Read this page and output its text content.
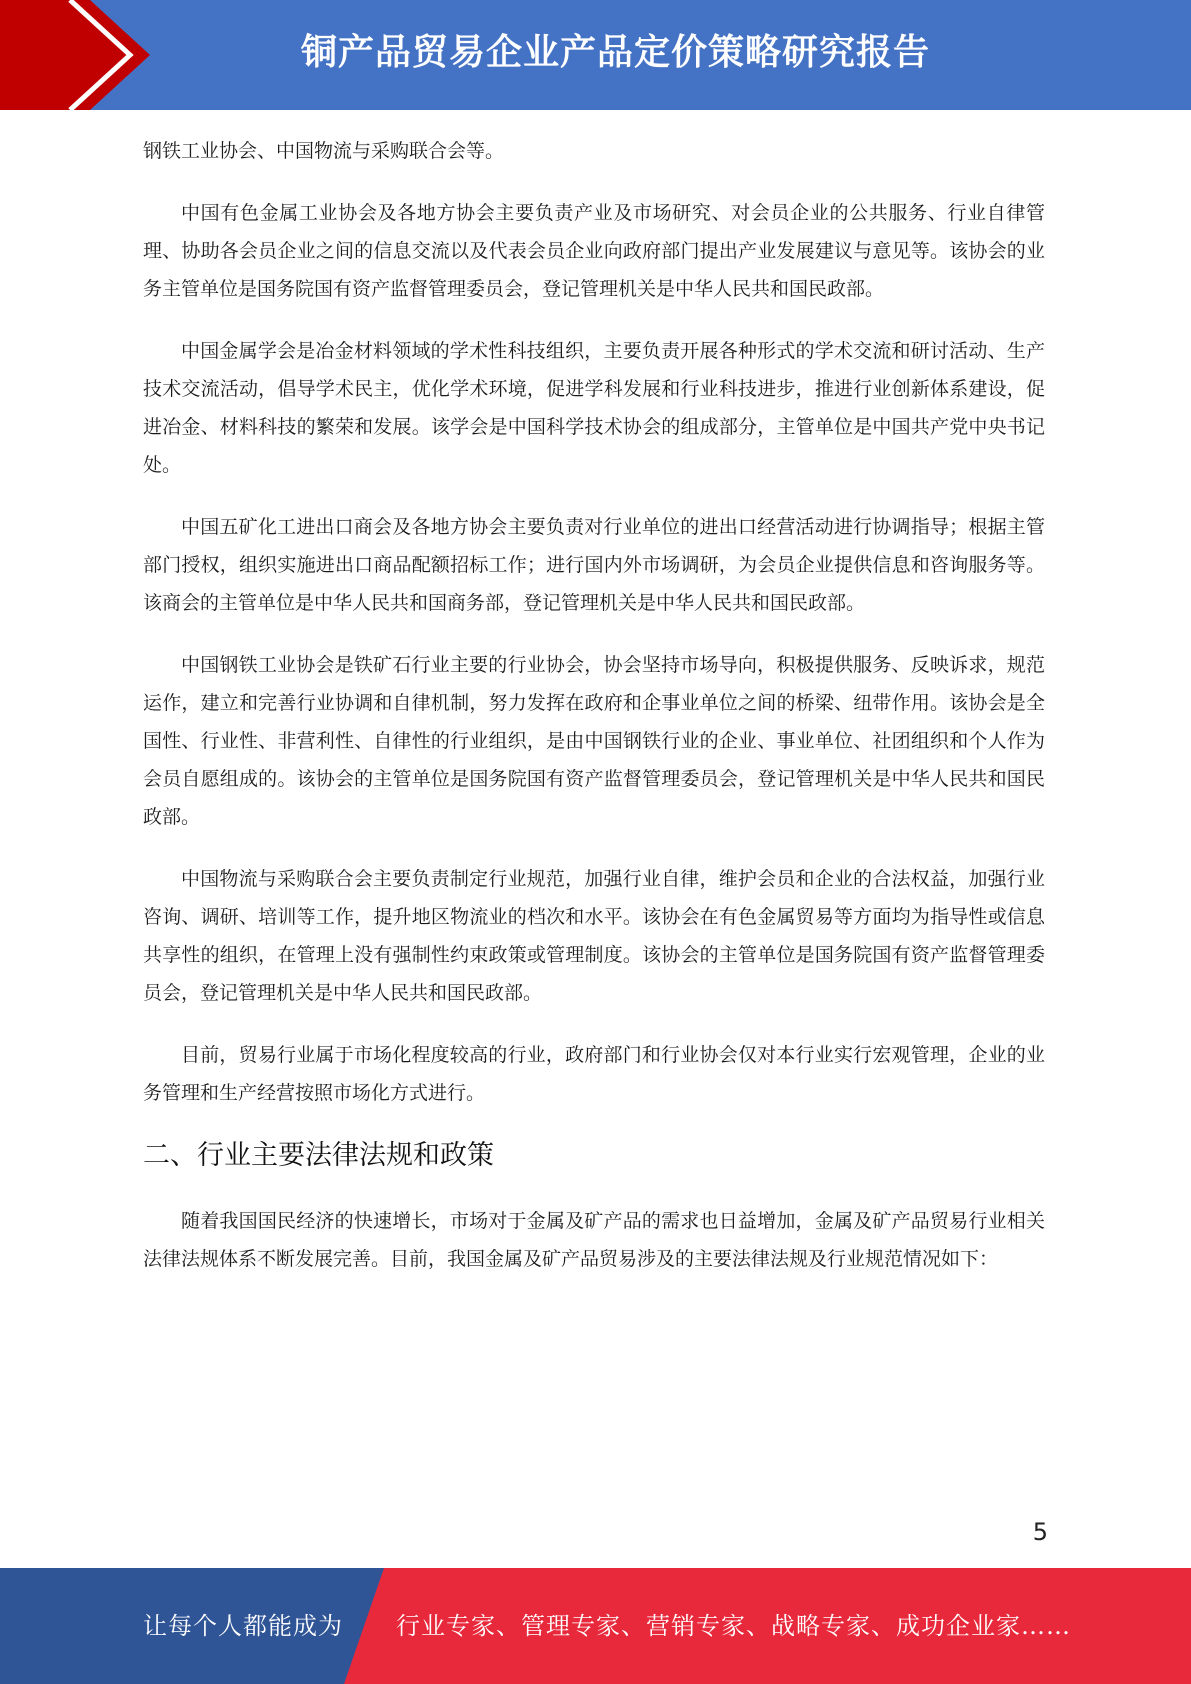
铜产品贸易企业产品定价策略研究报告

钢铁工业协会、中国物流与采购联合会等。

中国有色金属工业协会及各地方协会主要负责产业及市场研究、对会员企业的公共服务、行业自律管理、协助各会员企业之间的信息交流以及代表会员企业向政府部门提出产业发展建议与意见等。该协会的业务主管单位是国务院国有资产监督管理委员会，登记管理机关是中华人民共和国民政部。

中国金属学会是冶金材料领域的学术性科技组织，主要负责开展各种形式的学术交流和研讨活动、生产技术交流活动，倡导学术民主，优化学术环境，促进学科发展和行业科技进步，推进行业创新体系建设，促进冶金、材料科技的繁荣和发展。该学会是中国科学技术协会的组成部分，主管单位是中国共产党中央书记处。

中国五矿化工进出口商会及各地方协会主要负责对行业单位的进出口经营活动进行协调指导；根据主管部门授权，组织实施进出口商品配额招标工作；进行国内外市场调研，为会员企业提供信息和咨询服务等。该商会的主管单位是中华人民共和国商务部，登记管理机关是中华人民共和国民政部。

中国钢铁工业协会是铁矿石行业主要的行业协会，协会坚持市场导向，积极提供服务、反映诉求，规范运作，建立和完善行业协调和自律机制，努力发挥在政府和企事业单位之间的桥梁、纽带作用。该协会是全国性、行业性、非营利性、自律性的行业组织，是由中国钢铁行业的企业、事业单位、社团组织和个人作为会员自愿组成的。该协会的主管单位是国务院国有资产监督管理委员会，登记管理机关是中华人民共和国民政部。

中国物流与采购联合会主要负责制定行业规范，加强行业自律，维护会员和企业的合法权益，加强行业咨询、调研、培训等工作，提升地区物流业的档次和水平。该协会在有色金属贸易等方面均为指导性或信息共享性的组织，在管理上没有强制性约束政策或管理制度。该协会的主管单位是国务院国有资产监督管理委员会，登记管理机关是中华人民共和国民政部。

目前，贸易行业属于市场化程度较高的行业，政府部门和行业协会仅对本行业实行宏观管理，企业的业务管理和生产经营按照市场化方式进行。

二、行业主要法律法规和政策

随着我国国民经济的快速增长，市场对于金属及矿产品的需求也日益增加，金属及矿产品贸易行业相关法律法规体系不断发展完善。目前，我国金属及矿产品贸易涉及的主要法律法规及行业规范情况如下：

5
让每个人都能成为 行业专家、管理专家、营销专家、战略专家、成功企业家……
